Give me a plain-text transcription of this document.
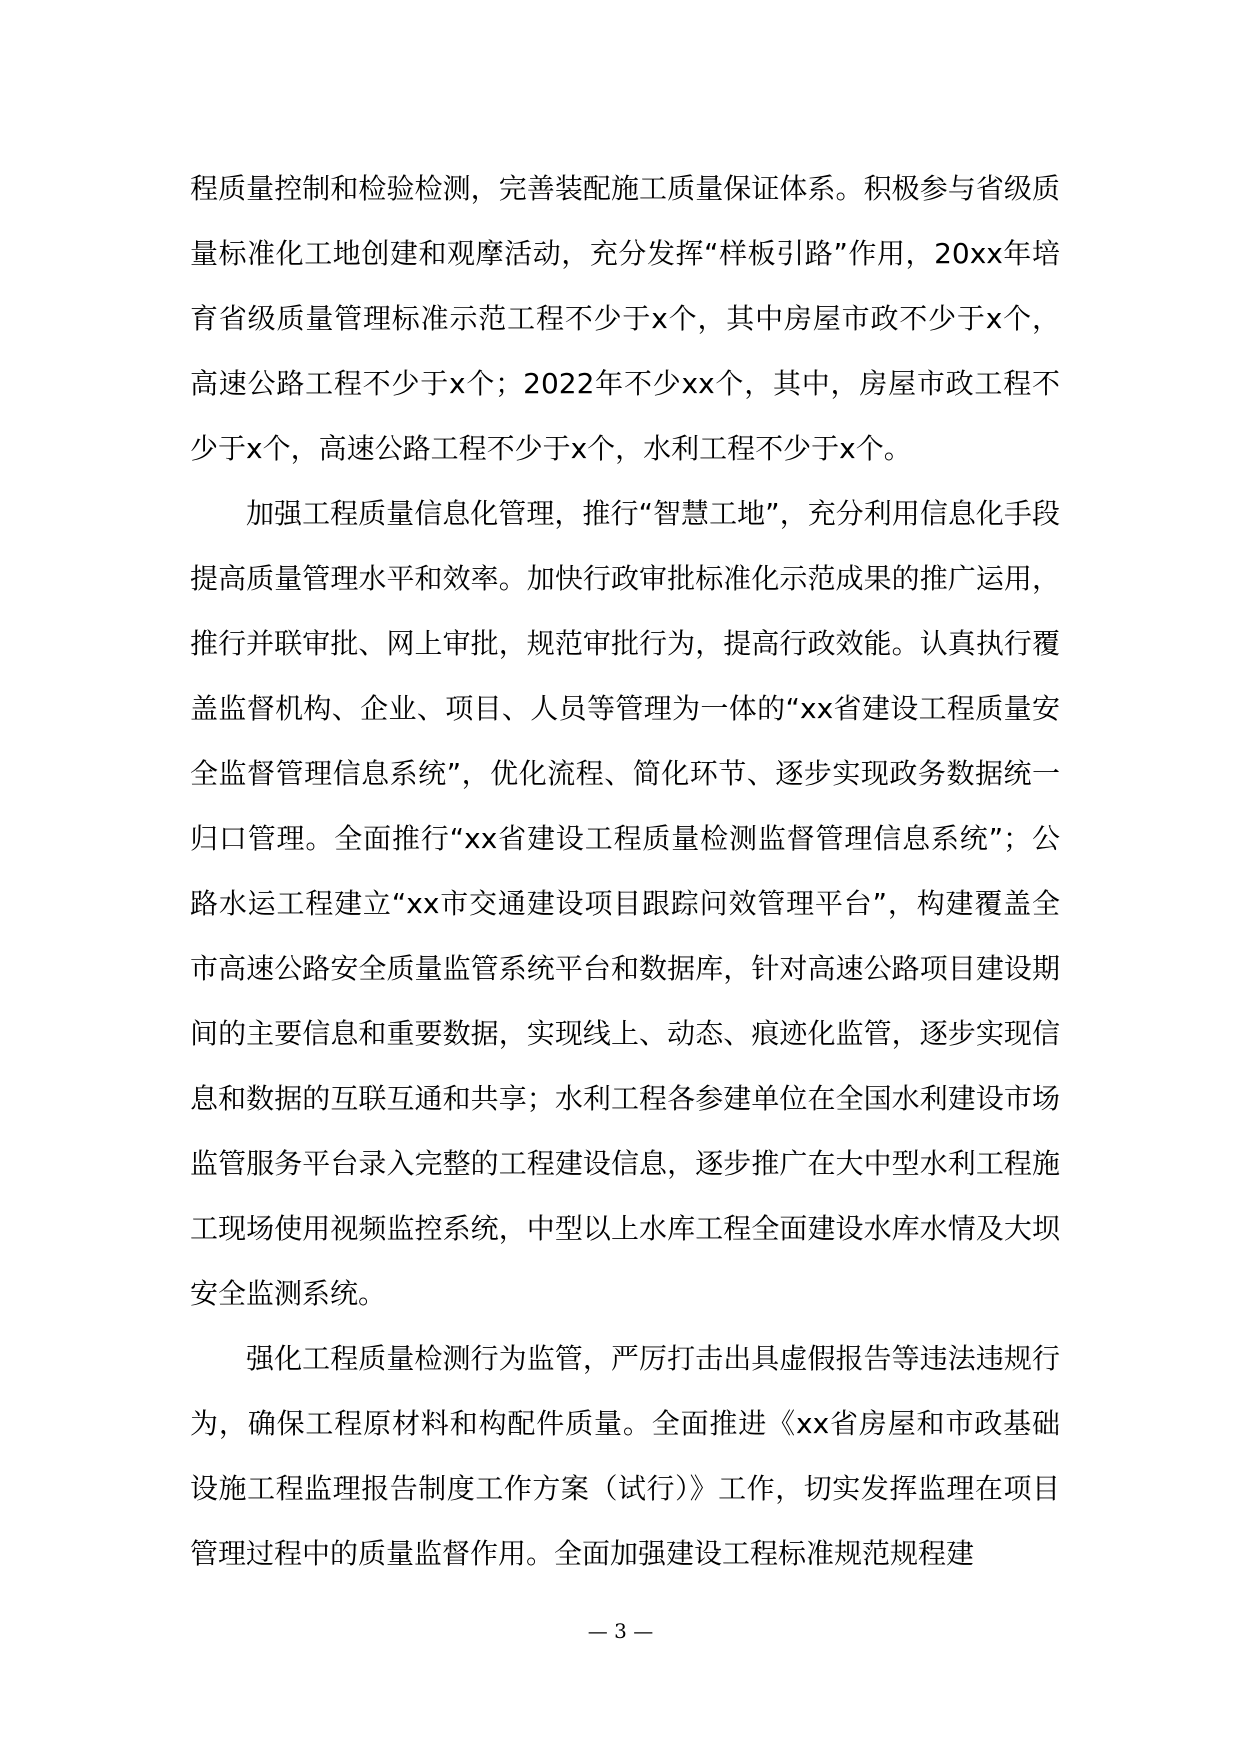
程质量控制和检验检测，完善装配施工质量保证体系。积极参与省级质量标准化工地创建和观摩活动，充分发挥“样板引路”作用，20xx年培育省级质量管理标准示范工程不少于x个，其中房屋市政不少于x个，高速公路工程不少于x个；2022年不少xx个，其中，房屋市政工程不少于x个，高速公路工程不少于x个，水利工程不少于x个。

加强工程质量信息化管理，推行“智慧工地”，充分利用信息化手段提高质量管理水平和效率。加快行政审批标准化示范成果的推广运用，推行并联审批、网上审批，规范审批行为，提高行政效能。认真执行覆盖监督机构、企业、项目、人员等管理为一体的“xx省建设工程质量安全监督管理信息系统”，优化流程、简化环节、逐步实现政务数据统一归口管理。全面推行“xx省建设工程质量检测监督管理信息系统”；公路水运工程建立“xx市交通建设项目跟踪问效管理平台”，构建覆盖全市高速公路安全质量监管系统平台和数据库，针对高速公路项目建设期间的主要信息和重要数据，实现线上、动态、痕迹化监管，逐步实现信息和数据的互联互通和共享；水利工程各参建单位在全国水利建设市场监管服务平台录入完整的工程建设信息，逐步推广在大中型水利工程施工现场使用视频监控系统，中型以上水库工程全面建设水库水情及大坝安全监测系统。

强化工程质量检测行为监管，严厉打击出具虚假报告等违法违规行为，确保工程原材料和构配件质量。全面推进《xx省房屋和市政基础设施工程监理报告制度工作方案（试行）》工作，切实发挥监理在项目管理过程中的质量监督作用。全面加强建设工程标准规范规程建

— 3 —
